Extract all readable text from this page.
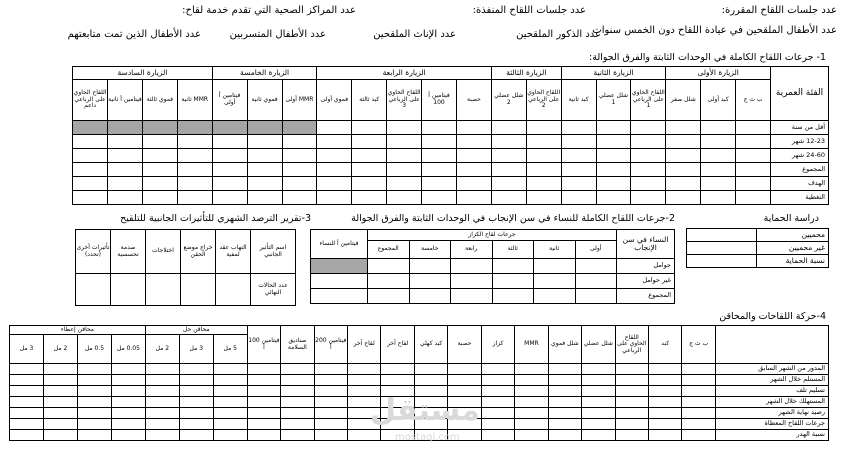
عدد جلسات اللقاح المقررة:
عدد جلسات اللقاح المنفذة:
عدد المراكز الصحية التي تقدم خدمة لقاح:
عدد الأطفال الملقحين في عيادة اللقاح دون الخمس سنوات
عدد الذكور الملقحين
عدد الإناث الملقحين
عدد الأطفال المتسربين
عدد الأطفال الذين تمت متابعتهم
1- جرعات اللقاح الكاملة في الوحدات الثابتة والفرق الجوالة:
الفئة العمرية	الزيارة الأولى			الزيارة الثانية			الزيارة الثالثة		الزيارة الرابعة					الزيارة الخامسة			الزيارة السادسة			
	ب ث ج	كبد أولى	شلل صفر	اللقاح الحاوي على الرباعي 1	شلل عضلي 1	كبد ثانية	اللقاح الحاوي على الرباعي 2	شلل عضلي 2	حصبة	فيتامين أ 100	اللقاح الحاوي على الرباعي 3	كبد ثالثة	فموي أولى	MMR أولى	فموي ثانية	فيتامين أ أولى	MMR ثانية	فموي ثالثة	فيتامين أ ثانية	اللقاح الحاوي على الرباعي داعم
أقل من سنة																				
12-23 شهر																				
24-60 شهر																				
المجموع																				
الهدف																				
التغطية																				
دراسة الحماية
محميين	
غير محميين	
نسبة الحماية	
2-جرعات اللقاح الكاملة للنساء في سن الإنجاب في الوحدات الثابتة والفرق الجوالة
النساء في سن الإنجاب	جرعات لقاح الكزاز						فيتامين أ للنساء
	أولى	ثانية	ثالثة	رابعة	خامسة	المجموع	
حوامل							
غير حوامل							
المجموع							
3-تقرير الترصد الشهري للتأثيرات الجانبية للتلقيح
اسم التأثير الجانبي	التهاب عقد لمفية	خراج موضع الحقن	اختلاجات	صدمة تحسسية	تأثيرات أخرى (تحدد)
عدد الحالات النهائي					
4-حركة اللقاحات والمحاقن
	ب ث ج	كبد	اللقاح الحاوي على الرباعي	شلل عضلي	شلل فموي	MMR	كزاز	حصبة	كبد كهلي	لقاح آخر	لقاح آخر	فيتامين 200 أ	صناديق السلامة	فيتامين 100 أ	محاقن حل			محاقن إعطاء			
															5 مل	3 مل	2 مل	0.05 مل	0.5 مل	2 مل	3 مل
المدور من الشهر السابق																					
المستلم خلال الشهر																					
تسليم تلف																					
المستهلك خلال الشهر																					
رصيد نهاية الشهر																					
جرعات اللقاح المعطاة																					
نسبة الهدر																					
مستقل
mostaql.com
